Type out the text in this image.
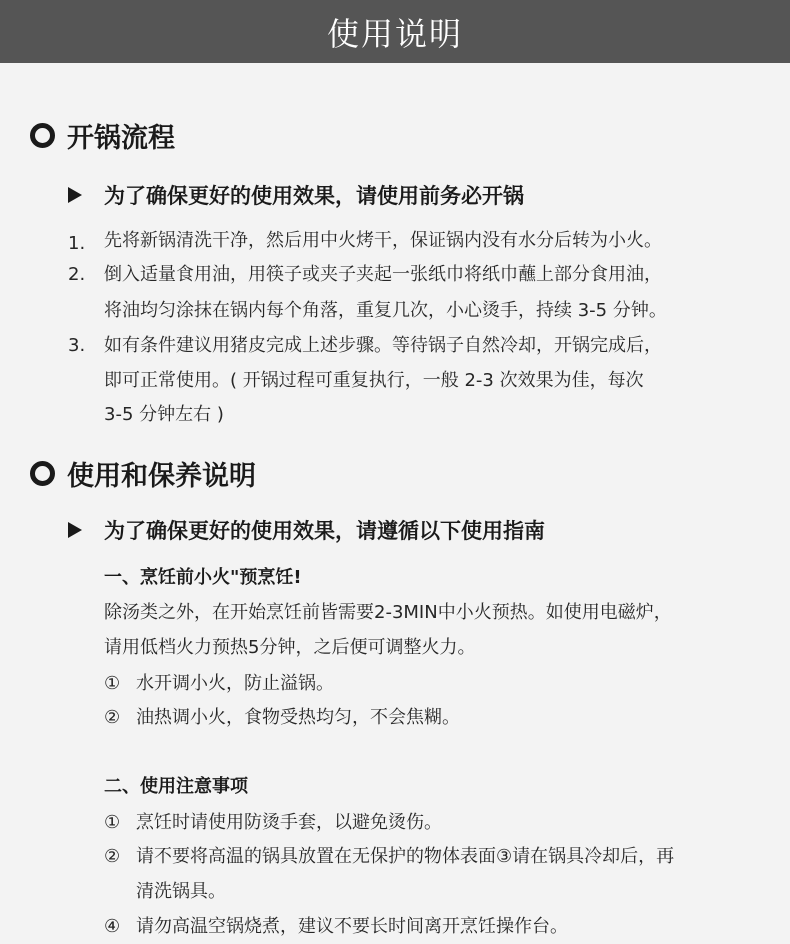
使用说明
开锅流程
为了确保更好的使用效果，请使用前务必开锅
1. 先将新锅清洗干净，然后用中火烤干，保证锅内没有水分后转为小火。
2. 倒入适量食用油，用筷子或夹子夹起一张纸巾将纸巾蘸上部分食用油，
将油均匀涂抹在锅内每个角落，重复几次，小心烫手，持续 3-5 分钟。
3. 如有条件建议用猪皮完成上述步骤。等待锅子自然冷却，开锅完成后，
即可正常使用。( 开锅过程可重复执行，一般 2-3 次效果为佳，每次
3-5 分钟左右 )
使用和保养说明
为了确保更好的使用效果，请遵循以下使用指南
一、烹饪前小火"预烹饪!
除汤类之外，在开始烹饪前皆需要2-3MIN中小火预热。如使用电磁炉，
请用低档火力预热5分钟，之后便可调整火力。
① 水开调小火，防止溢锅。
② 油热调小火，食物受热均匀，不会焦糊。
二、使用注意事项
① 烹饪时请使用防烫手套，以避免烫伤。
② 请不要将高温的锅具放置在无保护的物体表面③请在锅具冷却后，再
清洗锅具。
④ 请勿高温空锅烧煮，建议不要长时间离开烹饪操作台。
